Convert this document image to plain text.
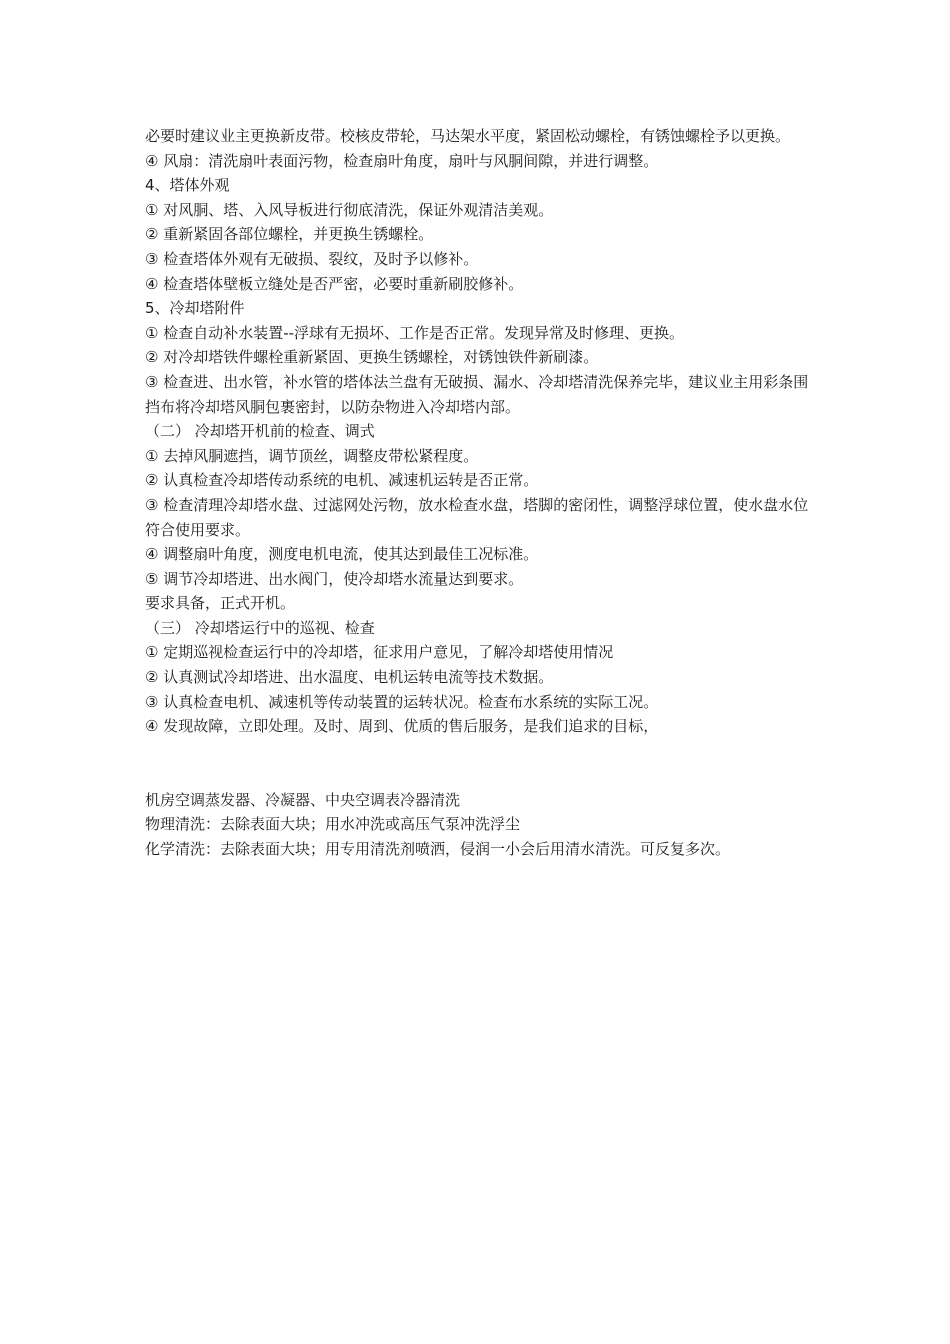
必要时建议业主更换新皮带。校核皮带轮，马达架水平度，紧固松动螺栓，有锈蚀螺栓予以更换。

④ 风扇：清洗扇叶表面污物，检查扇叶角度，扇叶与风胴间隙，并进行调整。

4、塔体外观

① 对风胴、塔、入风导板进行彻底清洗，保证外观清洁美观。

② 重新紧固各部位螺栓，并更换生锈螺栓。

③ 检查塔体外观有无破损、裂纹，及时予以修补。

④ 检查塔体壁板立缝处是否严密，必要时重新刷胶修补。

5、冷却塔附件

① 检查自动补水装置--浮球有无损坏、工作是否正常。发现异常及时修理、更换。

② 对冷却塔铁件螺栓重新紧固、更换生锈螺栓，对锈蚀铁件新刷漆。

③ 检查进、出水管，补水管的塔体法兰盘有无破损、漏水、冷却塔清洗保养完毕，建议业主用彩条围挡布将冷却塔风胴包裹密封，以防杂物进入冷却塔内部。

（二） 冷却塔开机前的检查、调式

① 去掉风胴遮挡，调节顶丝，调整皮带松紧程度。

② 认真检查冷却塔传动系统的电机、减速机运转是否正常。

③ 检查清理冷却塔水盘、过滤网处污物，放水检查水盘，塔脚的密闭性，调整浮球位置，使水盘水位符合使用要求。

④ 调整扇叶角度，测度电机电流，使其达到最佳工况标准。

⑤ 调节冷却塔进、出水阀门，使冷却塔水流量达到要求。

要求具备，正式开机。

（三） 冷却塔运行中的巡视、检查

① 定期巡视检查运行中的冷却塔，征求用户意见，了解冷却塔使用情况

② 认真测试冷却塔进、出水温度、电机运转电流等技术数据。

③ 认真检查电机、减速机等传动装置的运转状况。检查布水系统的实际工况。

④ 发现故障，立即处理。及时、周到、优质的售后服务，是我们追求的目标，

机房空调蒸发器、冷凝器、中央空调表冷器清洗

物理清洗：去除表面大块；用水冲洗或高压气泵冲洗浮尘

化学清洗：去除表面大块；用专用清洗剂喷洒，侵润一小会后用清水清洗。可反复多次。
